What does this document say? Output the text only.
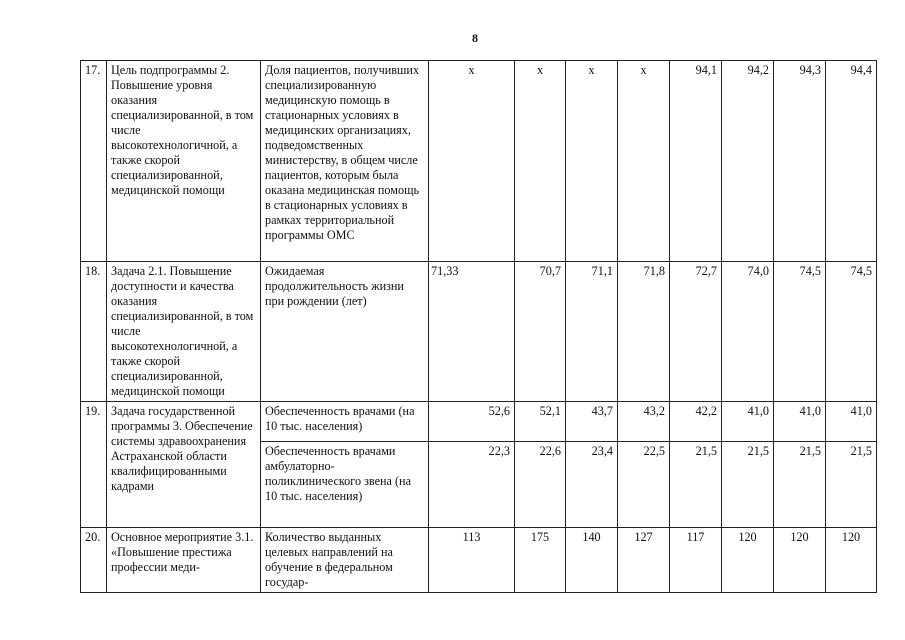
8
17.	Цель подпрограммы 2. Повышение уровня оказания специализированной, в том числе высокотехнологичной, а также скорой специализированной, медицинской помощи	Доля пациентов, получивших специализированную медицинскую помощь в стационарных условиях в медицинских организациях, подведомственных министерству, в общем числе пациентов, которым была оказана медицинская помощь в стационарных условиях в рамках территориальной программы ОМС	х	х	х	х	94,1	94,2	94,3	94,4
18.	Задача 2.1. Повышение доступности и качества оказания специализированной, в том числе высокотехнологичной, а также скорой специализированной, медицинской помощи	Ожидаемая продолжительность жизни при рождении (лет)	71,33	70,7	71,1	71,8	72,7	74,0	74,5	74,5
19.	Задача государственной программы 3. Обеспечение системы здравоохранения Астраханской области квалифицированными кадрами	Обеспеченность врачами (на 10 тыс. населения)	52,6	52,1	43,7	43,2	42,2	41,0	41,0	41,0
		Обеспеченность врачами амбулаторно-поликлинического звена (на 10 тыс. населения)	22,3	22,6	23,4	22,5	21,5	21,5	21,5	21,5
20.	Основное мероприятие 3.1. «Повышение престижа профессии меди-	Количество выданных целевых направлений на обучение в федеральном государ-	113	175	140	127	117	120	120	120
